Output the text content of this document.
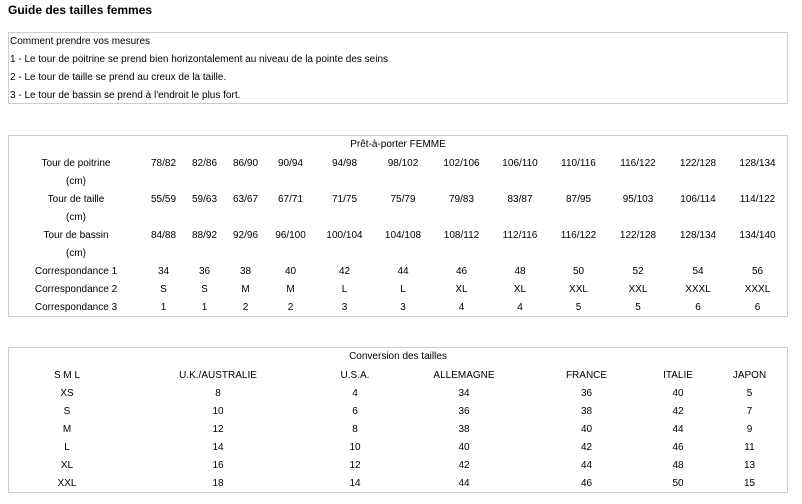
Guide des tailles femmes
Comment prendre vos mesures
1 - Le tour de poitrine se prend bien horizontalement au niveau de la pointe des seins
2 - Le tour de taille se prend au creux de la taille.
3 - Le tour de bassin se prend à l'endroit le plus fort.
Prêt-à-porter FEMME
Tour de poitrine	78/82	82/86	86/90	90/94	94/98	98/102	102/106	106/110	110/116	116/122	122/128	128/134
(cm)												
Tour de taille	55/59	59/63	63/67	67/71	71/75	75/79	79/83	83/87	87/95	95/103	106/114	114/122
(cm)												
Tour de bassin	84/88	88/92	92/96	96/100	100/104	104/108	108/112	112/116	116/122	122/128	128/134	134/140
(cm)												
Correspondance 1	34	36	38	40	42	44	46	48	50	52	54	56
Correspondance 2	S	S	M	M	L	L	XL	XL	XXL	XXL	XXXL	XXXL
Correspondance 3	1	1	2	2	3	3	4	4	5	5	6	6
Conversion des tailles
S M L	U.K./AUSTRALIE	U.S.A.	ALLEMAGNE	FRANCE	ITALIE	JAPON
XS	8	4	34	36	40	5
S	10	6	36	38	42	7
M	12	8	38	40	44	9
L	14	10	40	42	46	11
XL	16	12	42	44	48	13
XXL	18	14	44	46	50	15
